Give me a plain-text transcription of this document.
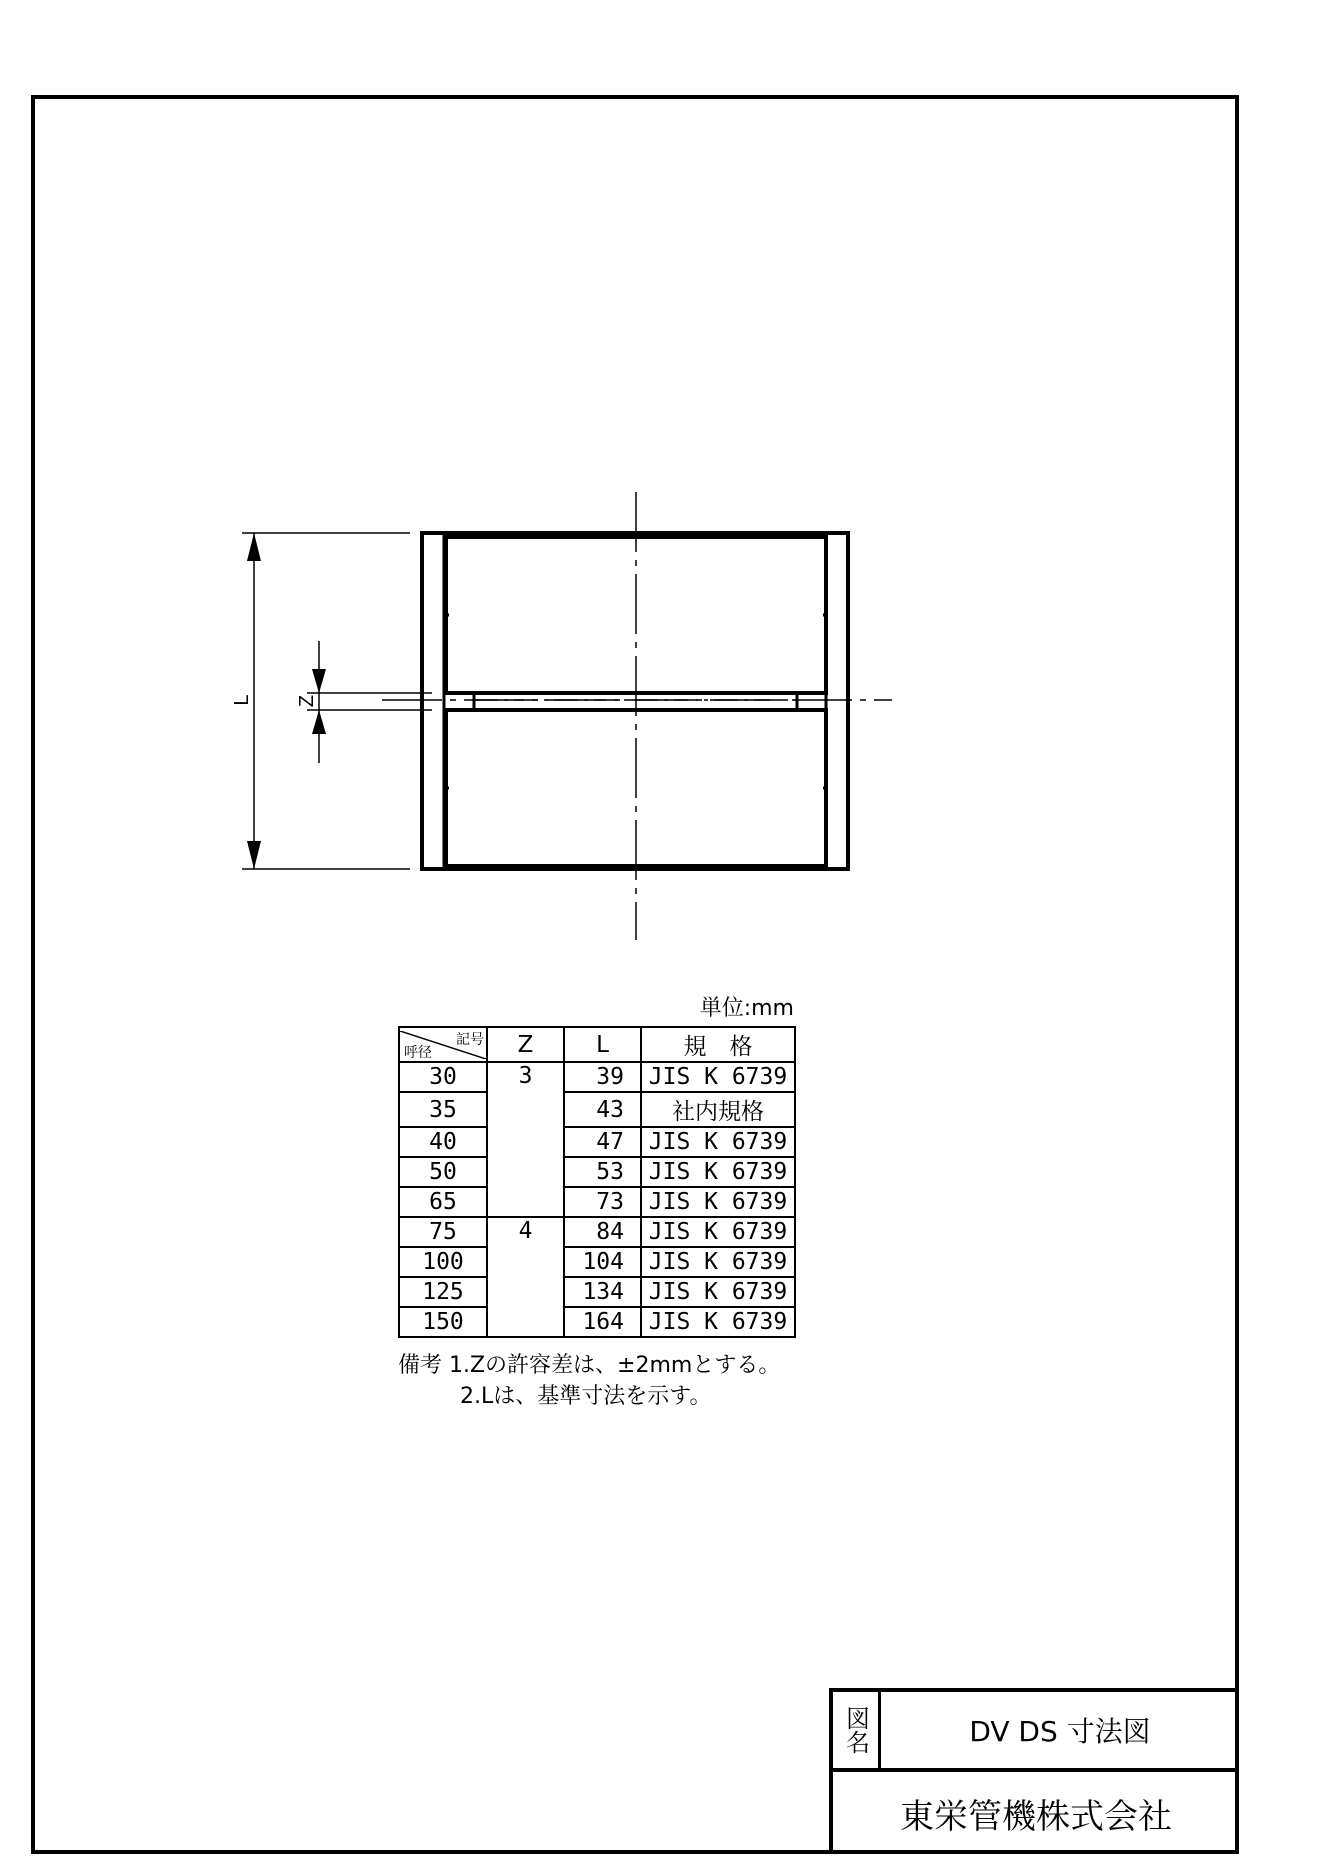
L Z
単位:mm
記号
呼径	Z	L	規　格
30	3	39	JIS K 6739
35		43	社内規格
40		47	JIS K 6739
50		53	JIS K 6739
65		73	JIS K 6739
75	4	84	JIS K 6739
100		104	JIS K 6739
125		134	JIS K 6739
150		164	JIS K 6739
備考 1.Zの許容差は、±2mmとする。
2.Lは、基準寸法を示す。
図名	DV DS 寸法図
東栄管機株式会社
